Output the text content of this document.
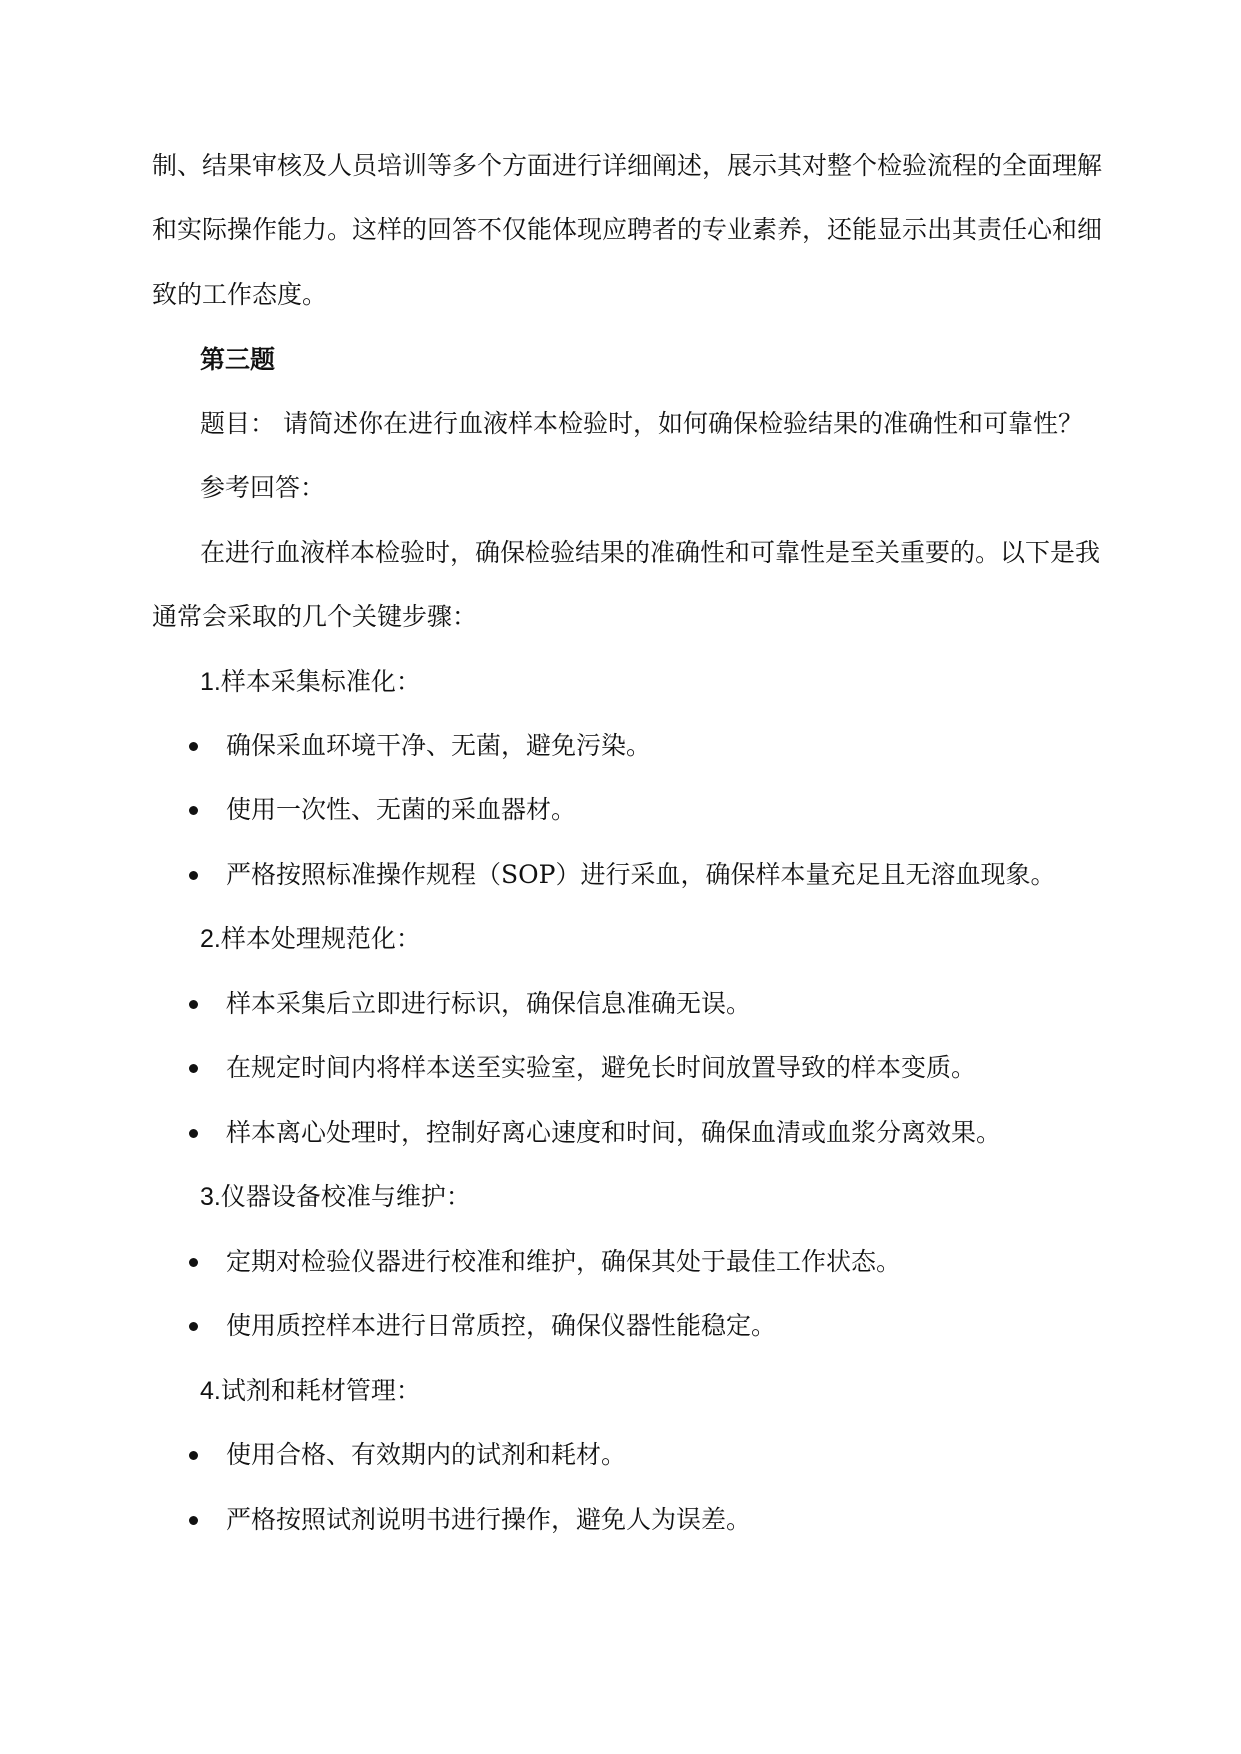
制、结果审核及人员培训等多个方面进行详细阐述，展示其对整个检验流程的全面理解
和实际操作能力。这样的回答不仅能体现应聘者的专业素养，还能显示出其责任心和细
致的工作态度。
第三题
题目： 请简述你在进行血液样本检验时，如何确保检验结果的准确性和可靠性？
参考回答：
在进行血液样本检验时，确保检验结果的准确性和可靠性是至关重要的。以下是我
通常会采取的几个关键步骤：
1.样本采集标准化：
确保采血环境干净、无菌，避免污染。
使用一次性、无菌的采血器材。
严格按照标准操作规程（SOP）进行采血，确保样本量充足且无溶血现象。
2.样本处理规范化：
样本采集后立即进行标识，确保信息准确无误。
在规定时间内将样本送至实验室，避免长时间放置导致的样本变质。
样本离心处理时，控制好离心速度和时间，确保血清或血浆分离效果。
3.仪器设备校准与维护：
定期对检验仪器进行校准和维护，确保其处于最佳工作状态。
使用质控样本进行日常质控，确保仪器性能稳定。
4.试剂和耗材管理：
使用合格、有效期内的试剂和耗材。
严格按照试剂说明书进行操作，避免人为误差。
